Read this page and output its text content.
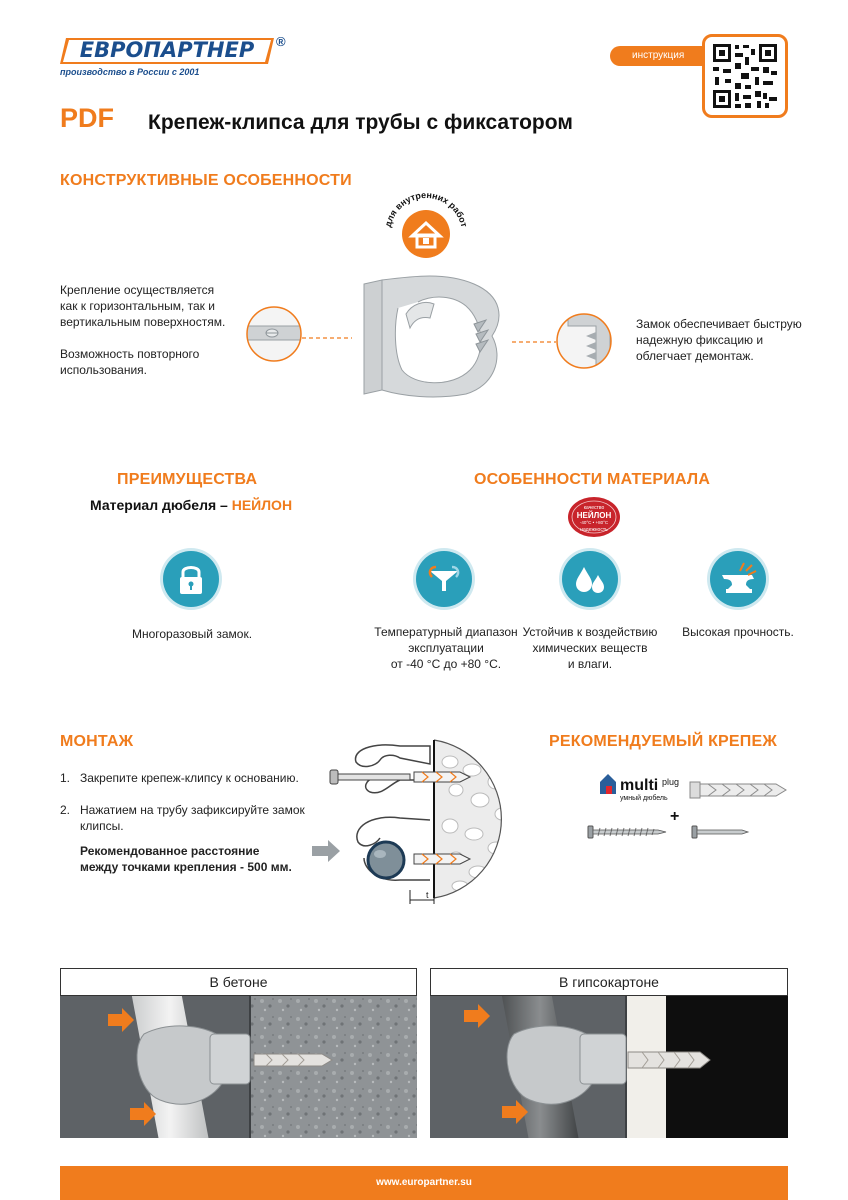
ЕВРОПАРТНЕР	®
производство в России с 2001
инструкция
PDF Крепеж-клипса для трубы с фиксатором
КОНСТРУКТИВНЫЕ ОСОБЕННОСТИ
для внутренних работ
Крепление осуществляется
как к горизонтальным, так и
вертикальным поверхностям.
Возможность повторного
использования.
Замок обеспечивает быструю
надежную фиксацию и
облегчает демонтаж.
ПРЕИМУЩЕСТВА
Материал дюбеля – НЕЙЛОН
Многоразовый замок.
ОСОБЕННОСТИ МАТЕРИАЛА
качество
НЕЙЛОН
-40°C • +80°C
надежность
Температурный диапазон
эксплуатации
от -40 °С до +80 °С.
Устойчив к воздействию
химических веществ
и влаги.
Высокая прочность.
МОНТАЖ
1. Закрепите крепеж-клипсу к основанию.
2. Нажатием на трубу зафиксируйте замок
клипсы.
Рекомендованное расстояние
между точками крепления - 500 мм.
t
РЕКОМЕНДУЕМЫЙ КРЕПЕЖ
multi plug
умный дюбель
+
В бетоне	В гипсокартоне
www.europartner.su
